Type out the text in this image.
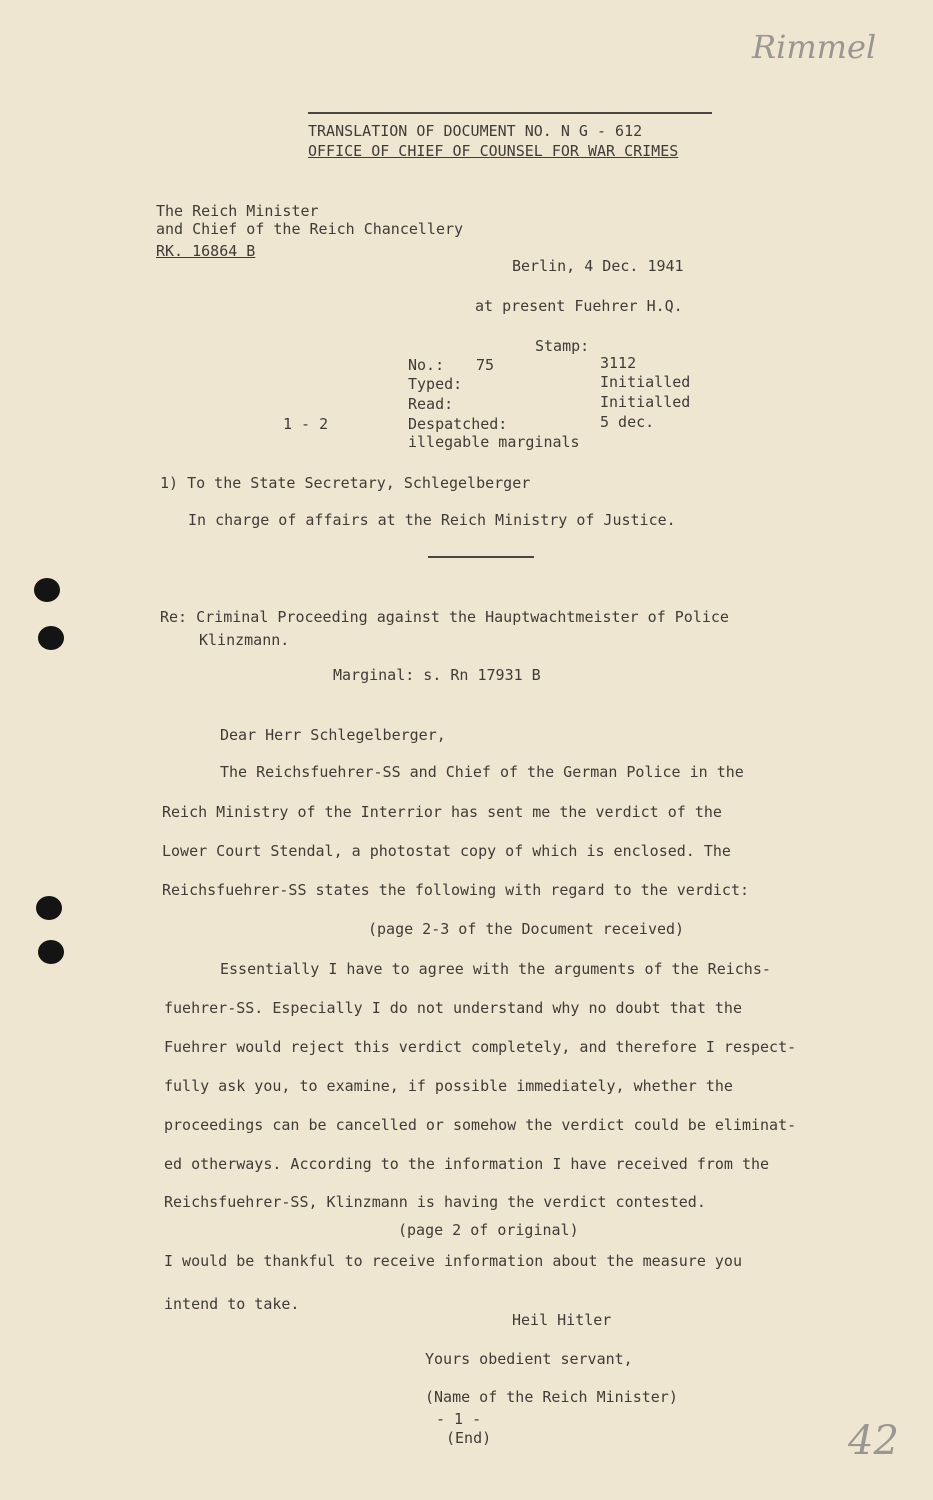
Rimmel
42
TRANSLATION OF DOCUMENT NO. N G - 612
OFFICE OF CHIEF OF COUNSEL FOR WAR CRIMES
The Reich Minister
and Chief of the Reich Chancellery
RK. 16864 B
Berlin, 4 Dec. 1941
at present Fuehrer H.Q.
Stamp:
No.: 75	3112
Typed:	Initialled
Read:	Initialled
1 - 2	Despatched:	5 dec.
illegable marginals
1) To the State Secretary, Schlegelberger
In charge of affairs at the Reich Ministry of Justice.
Re: Criminal Proceeding against the Hauptwachtmeister of Police
Klinzmann.
Marginal: s. Rn 17931 B
Dear Herr Schlegelberger,
The Reichsfuehrer-SS and Chief of the German Police in the
Reich Ministry of the Interrior has sent me the verdict of the
Lower Court Stendal, a photostat copy of which is enclosed. The
Reichsfuehrer-SS states the following with regard to the verdict:
(page 2-3 of the Document received)
Essentially I have to agree with the arguments of the Reichs-
fuehrer-SS. Especially I do not understand why no doubt that the
Fuehrer would reject this verdict completely, and therefore I respect-
fully ask you, to examine, if possible immediately, whether the
proceedings can be cancelled or somehow the verdict could be eliminat-
ed otherways. According to the information I have received from the
Reichsfuehrer-SS, Klinzmann is having the verdict contested.
(page 2 of original)
I would be thankful to receive information about the measure you
intend to take.
Heil Hitler
Yours obedient servant,
(Name of the Reich Minister)
- 1 -
(End)
